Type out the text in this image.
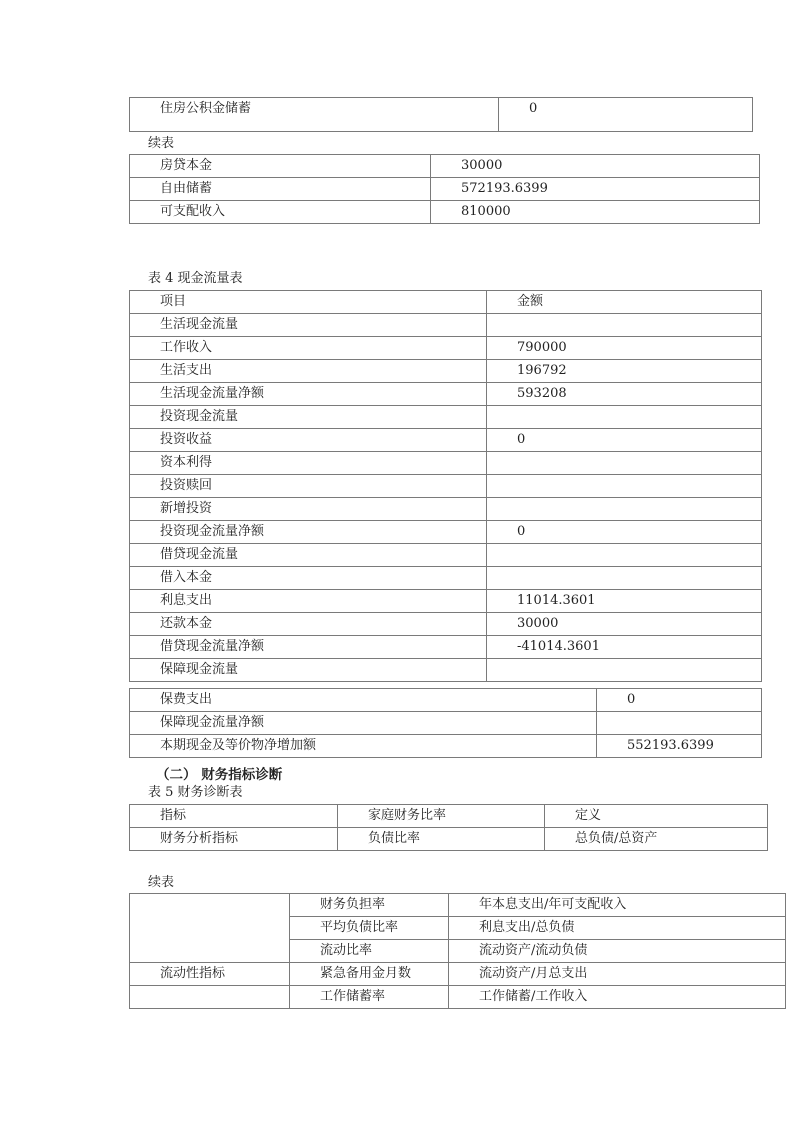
住房公积金储蓄	0
续表
房贷本金	30000
自由储蓄	572193.6399
可支配收入	810000
表 4 现金流量表
项目	金额
生活现金流量	
工作收入	790000
生活支出	196792
生活现金流量净额	593208
投资现金流量	
投资收益	0
资本利得	
投资赎回	
新增投资	
投资现金流量净额	0
借贷现金流量	
借入本金	
利息支出	11014.3601
还款本金	30000
借贷现金流量净额	-41014.3601
保障现金流量	
保费支出	0
保障现金流量净额	
本期现金及等价物净增加额	552193.6399
（二） 财务指标诊断
表 5 财务诊断表
指标	家庭财务比率	定义
财务分析指标	负债比率	总负债/总资产
续表
	财务负担率	年本息支出/年可支配收入
	平均负债比率	利息支出/总负债
	流动比率	流动资产/流动负债
流动性指标	紧急备用金月数	流动资产/月总支出
	工作储蓄率	工作储蓄/工作收入
